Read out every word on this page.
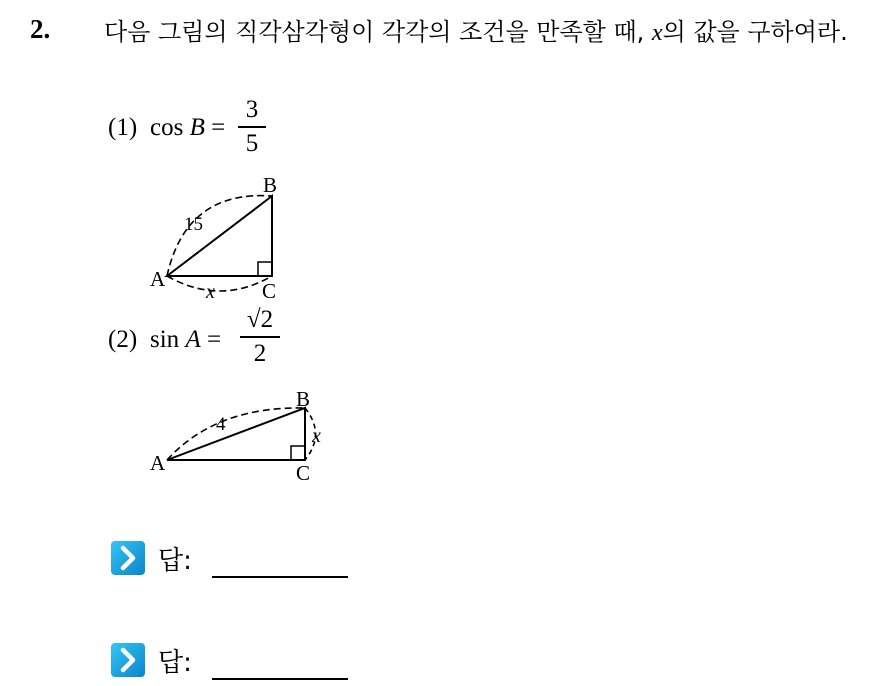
2. 다음 그림의 직각삼각형이 각각의 조건을 만족할 때, x의 값을 구하여라.
(1) cos B =
3
5
A
B
C
15
x
(2) sin A =
√2
2
A
B
C
4
x
답:
답:
